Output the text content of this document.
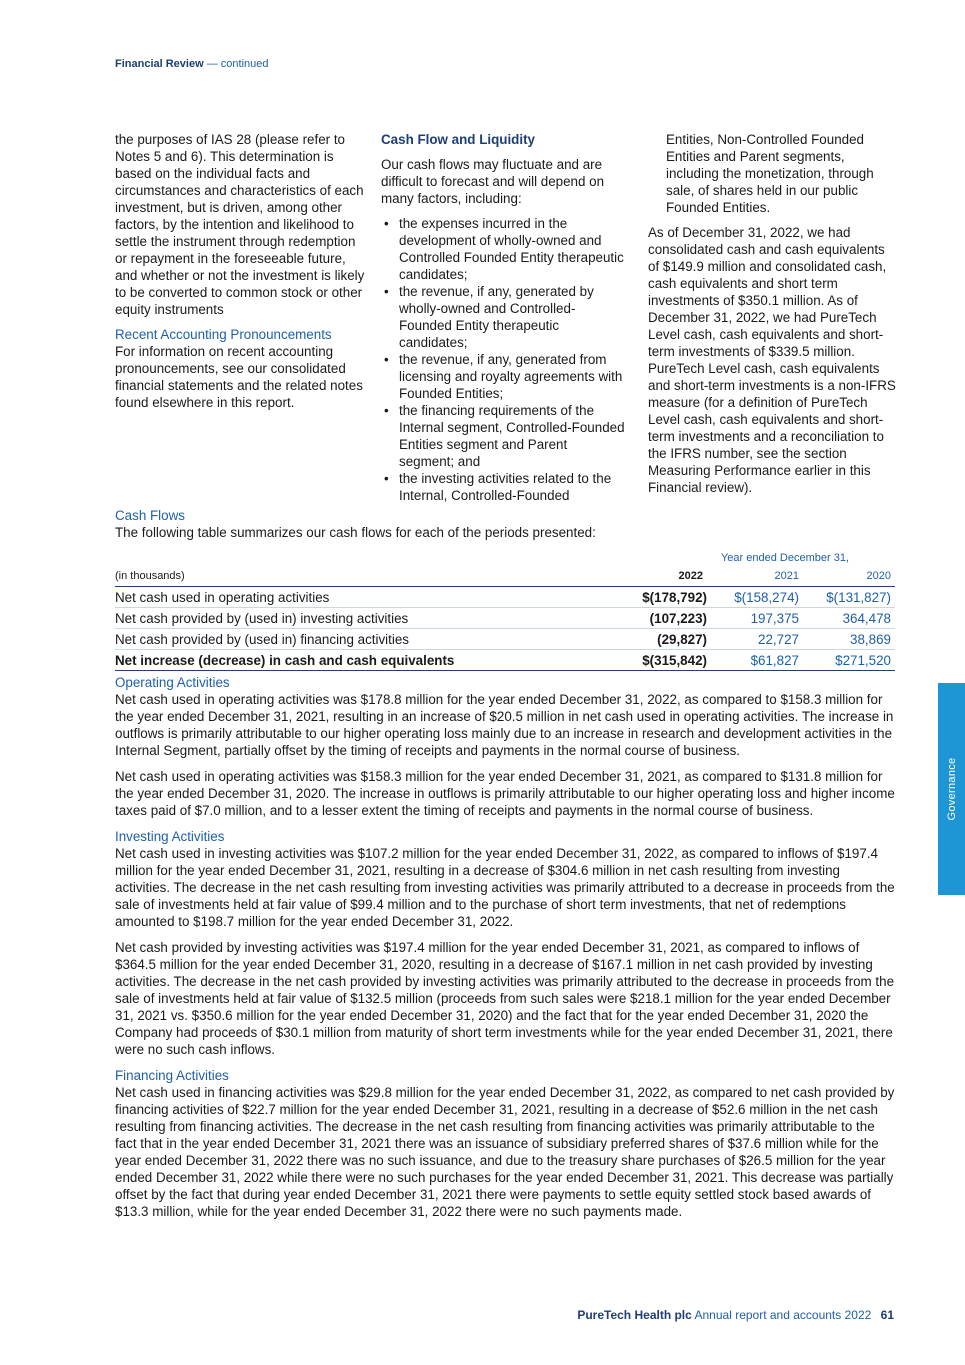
Financial Review — continued

the purposes of IAS 28 (please refer to Notes 5 and 6). This determination is based on the individual facts and circumstances and characteristics of each investment, but is driven, among other factors, by the intention and likelihood to settle the instrument through redemption or repayment in the foreseeable future, and whether or not the investment is likely to be converted to common stock or other equity instruments

Recent Accounting Pronouncements

For information on recent accounting pronouncements, see our consolidated financial statements and the related notes found elsewhere in this report.

Cash Flow and Liquidity

Our cash flows may fluctuate and are difficult to forecast and will depend on many factors, including:

• the expenses incurred in the development of wholly-owned and Controlled Founded Entity therapeutic candidates;
• the revenue, if any, generated by wholly-owned and Controlled-Founded Entity therapeutic candidates;
• the revenue, if any, generated from licensing and royalty agreements with Founded Entities;
• the financing requirements of the Internal segment, Controlled-Founded Entities segment and Parent segment; and
• the investing activities related to the Internal, Controlled-Founded

Entities, Non-Controlled Founded Entities and Parent segments, including the monetization, through sale, of shares held in our public Founded Entities.

As of December 31, 2022, we had consolidated cash and cash equivalents of $149.9 million and consolidated cash, cash equivalents and short term investments of $350.1 million. As of December 31, 2022, we had PureTech Level cash, cash equivalents and short-term investments of $339.5 million. PureTech Level cash, cash equivalents and short-term investments is a non-IFRS measure (for a definition of PureTech Level cash, cash equivalents and short-term investments and a reconciliation to the IFRS number, see the section Measuring Performance earlier in this Financial review).

Cash Flows
The following table summarizes our cash flows for each of the periods presented:
	Year ended December 31,		
(in thousands)	2022	2021	2020
Net cash used in operating activities	$(178,792)	$(158,274)	$(131,827)
Net cash provided by (used in) investing activities	(107,223)	197,375	364,478
Net cash provided by (used in) financing activities	(29,827)	22,727	38,869
Net increase (decrease) in cash and cash equivalents	$(315,842)	$61,827	$271,520
Operating Activities

Net cash used in operating activities was $178.8 million for the year ended December 31, 2022, as compared to $158.3 million for the year ended December 31, 2021, resulting in an increase of $20.5 million in net cash used in operating activities. The increase in outflows is primarily attributable to our higher operating loss mainly due to an increase in research and development activities in the Internal Segment, partially offset by the timing of receipts and payments in the normal course of business.

Net cash used in operating activities was $158.3 million for the year ended December 31, 2021, as compared to $131.8 million for the year ended December 31, 2020. The increase in outflows is primarily attributable to our higher operating loss and higher income taxes paid of $7.0 million, and to a lesser extent the timing of receipts and payments in the normal course of business.

Investing Activities

Net cash used in investing activities was $107.2 million for the year ended December 31, 2022, as compared to inflows of $197.4 million for the year ended December 31, 2021, resulting in a decrease of $304.6 million in net cash resulting from investing activities. The decrease in the net cash resulting from investing activities was primarily attributed to a decrease in proceeds from the sale of investments held at fair value of $99.4 million and to the purchase of short term investments, that net of redemptions amounted to $198.7 million for the year ended December 31, 2022.

Net cash provided by investing activities was $197.4 million for the year ended December 31, 2021, as compared to inflows of $364.5 million for the year ended December 31, 2020, resulting in a decrease of $167.1 million in net cash provided by investing activities. The decrease in the net cash provided by investing activities was primarily attributed to the decrease in proceeds from the sale of investments held at fair value of $132.5 million (proceeds from such sales were $218.1 million for the year ended December 31, 2021 vs. $350.6 million for the year ended December 31, 2020) and the fact that for the year ended December 31, 2020 the Company had proceeds of $30.1 million from maturity of short term investments while for the year ended December 31, 2021, there were no such cash inflows.

Financing Activities

Net cash used in financing activities was $29.8 million for the year ended December 31, 2022, as compared to net cash provided by financing activities of $22.7 million for the year ended December 31, 2021, resulting in a decrease of $52.6 million in the net cash resulting from financing activities. The decrease in the net cash resulting from financing activities was primarily attributable to the fact that in the year ended December 31, 2021 there was an issuance of subsidiary preferred shares of $37.6 million while for the year ended December 31, 2022 there was no such issuance, and due to the treasury share purchases of $26.5 million for the year ended December 31, 2022 while there were no such purchases for the year ended December 31, 2021. This decrease was partially offset by the fact that during year ended December 31, 2021 there were payments to settle equity settled stock based awards of $13.3 million, while for the year ended December 31, 2022 there were no such payments made.

Governance
PureTech Health plc Annual report and accounts 2022 61
